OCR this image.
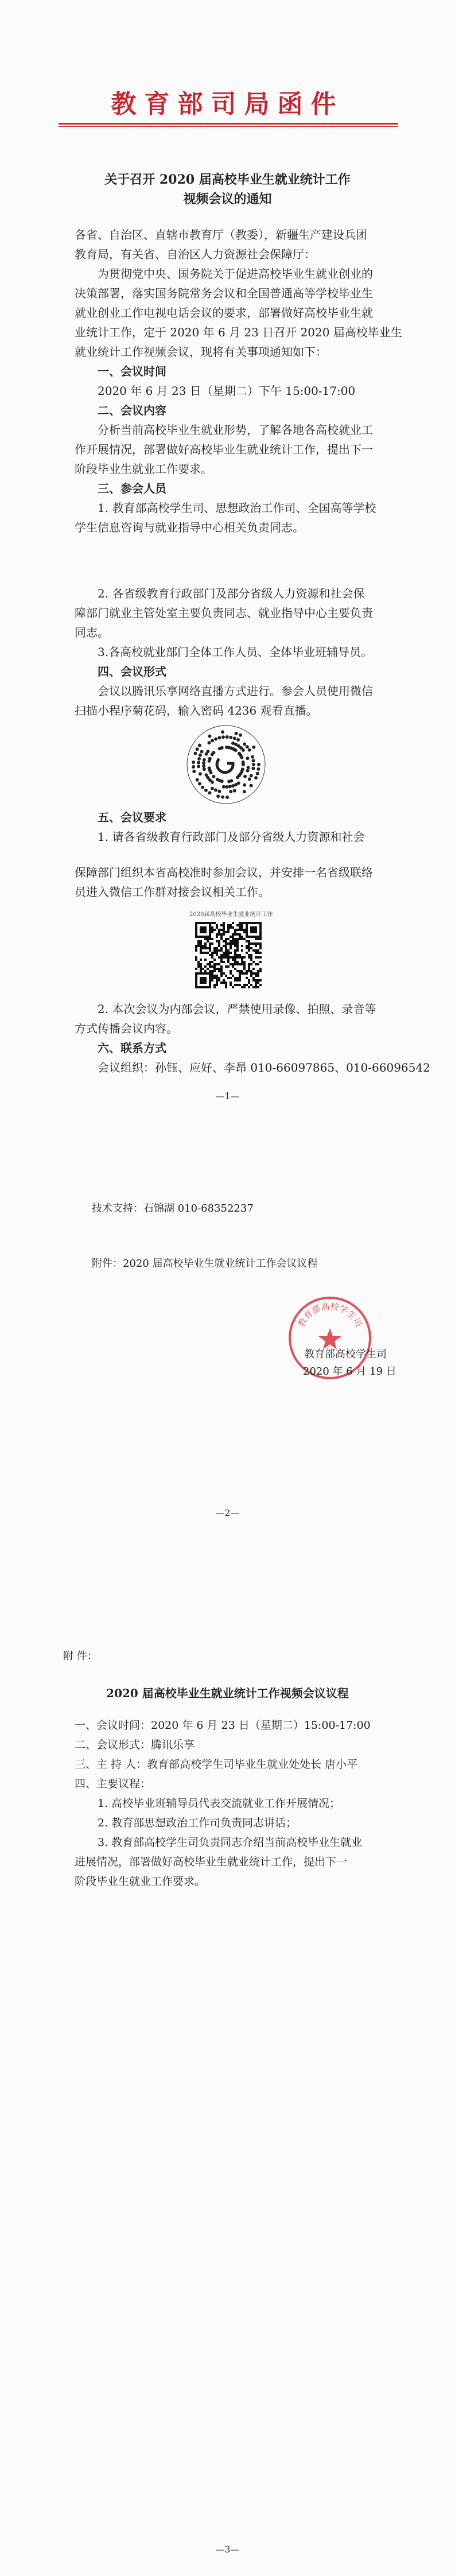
教育部司局函件
关于召开 2020 届高校毕业生就业统计工作
视频会议的通知
各省、自治区、直辖市教育厅（教委），新疆生产建设兵团
教育局，有关省、自治区人力资源社会保障厅：
为贯彻党中央、国务院关于促进高校毕业生就业创业的
决策部署，落实国务院常务会议和全国普通高等学校毕业生
就业创业工作电视电话会议的要求，部署做好高校毕业生就
业统计工作，定于 2020 年 6 月 23 日召开 2020 届高校毕业生
就业统计工作视频会议，现将有关事项通知如下：
一、会议时间
2020 年 6 月 23 日（星期二）下午 15:00-17:00
二、会议内容
分析当前高校毕业生就业形势，了解各地各高校就业工
作开展情况，部署做好高校毕业生就业统计工作，提出下一
阶段毕业生就业工作要求。
三、参会人员
1. 教育部高校学生司、思想政治工作司、全国高等学校
学生信息咨询与就业指导中心相关负责同志。
2. 各省级教育行政部门及部分省级人力资源和社会保
障部门就业主管处室主要负责同志、就业指导中心主要负责
同志。
3.各高校就业部门全体工作人员、全体毕业班辅导员。
四、会议形式
会议以腾讯乐享网络直播方式进行。参会人员使用微信
扫描小程序菊花码，输入密码 4236 观看直播。
五、会议要求
1. 请各省级教育行政部门及部分省级人力资源和社会
保障部门组织本省高校准时参加会议，并安排一名省级联络
员进入微信工作群对接会议相关工作。
2020届高校毕业生就业统计工作
2. 本次会议为内部会议，严禁使用录像、拍照、录音等
方式传播会议内容。
六、联系方式
会议组织：孙钰、应好、李昂 010-66097865、010-66096542
—1—
技术支持：石锦湖 010-68352237
附件：2020 届高校毕业生就业统计工作会议议程
教育部高校学生司
教育部高校学生司
2020 年 6 月 19 日
—2—
附 件：
2020 届高校毕业生就业统计工作视频会议议程
一、会议时间：2020 年 6 月 23 日（星期二）15:00-17:00
二、会议形式：腾讯乐享
三、主 持 人：教育部高校学生司毕业生就业处处长 唐小平
四、主要议程：
1. 高校毕业班辅导员代表交流就业工作开展情况；
2. 教育部思想政治工作司负责同志讲话；
3. 教育部高校学生司负责同志介绍当前高校毕业生就业
进展情况，部署做好高校毕业生就业统计工作，提出下一
阶段毕业生就业工作要求。
—3—
